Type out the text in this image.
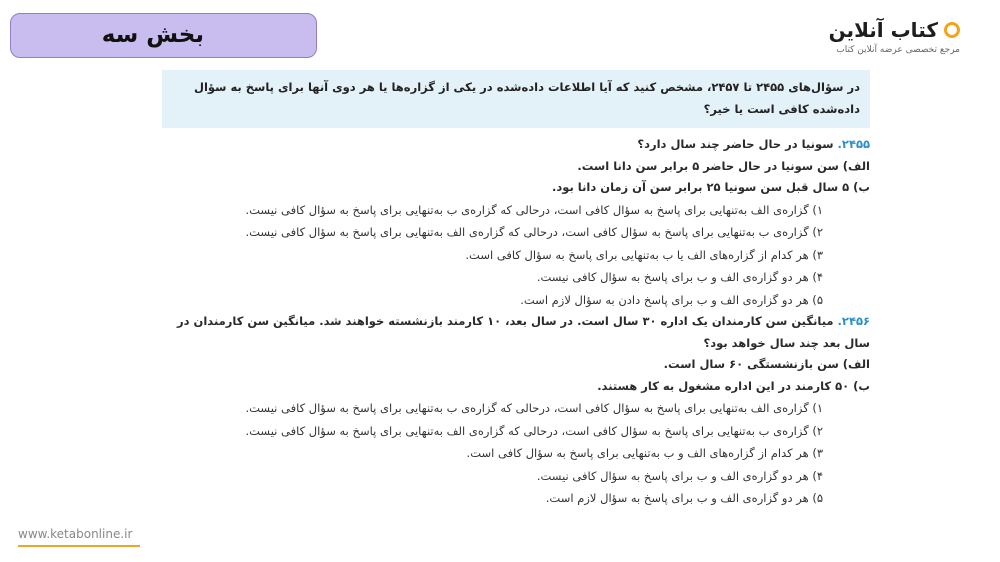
بخش سه	کتاب آنلاین
مرجع تخصصی عرضه آنلاین کتاب
در سؤال‌های ۲۴۵۵ تا ۲۴۵۷، مشخص کنید که آیا اطلاعات داده‌شده در یکی از گزاره‌ها یا هر دوی آنها برای پاسخ به سؤال داده‌شده کافی است یا خیر؟
۲۴۵۵. سونیا در حال حاضر چند سال دارد؟
الف) سن سونیا در حال حاضر ۵ برابر سن دانا است.
ب) ۵ سال قبل سن سونیا ۲۵ برابر سن آن زمان دانا بود.
۱) گزاره‌ی الف به‌تنهایی برای پاسخ به سؤال کافی است، درحالی که گزاره‌ی ب به‌تنهایی برای پاسخ به سؤال کافی نیست.
۲) گزاره‌ی ب به‌تنهایی برای پاسخ به سؤال کافی است، درحالی که گزاره‌ی الف به‌تنهایی برای پاسخ به سؤال کافی نیست.
۳) هر کدام از گزاره‌های الف یا ب به‌تنهایی برای پاسخ به سؤال کافی است.
۴) هر دو گزاره‌ی الف و ب برای پاسخ به سؤال کافی نیست.
۵) هر دو گزاره‌ی الف و ب برای پاسخ دادن به سؤال لازم است.
۲۴۵۶. میانگین سن کارمندان یک اداره ۳۰ سال است. در سال بعد، ۱۰ کارمند بازنشسته خواهند شد. میانگین سن کارمندان در سال بعد چند سال خواهد بود؟
الف) سن بازنشستگی ۶۰ سال است.
ب) ۵۰ کارمند در این اداره مشغول به کار هستند.
۱) گزاره‌ی الف به‌تنهایی برای پاسخ به سؤال کافی است، درحالی که گزاره‌ی ب به‌تنهایی برای پاسخ به سؤال کافی نیست.
۲) گزاره‌ی ب به‌تنهایی برای پاسخ به سؤال کافی است، درحالی که گزاره‌ی الف به‌تنهایی برای پاسخ به سؤال کافی نیست.
۳) هر کدام از گزاره‌های الف و ب به‌تنهایی برای پاسخ به سؤال کافی است.
۴) هر دو گزاره‌ی الف و ب برای پاسخ به سؤال کافی نیست.
۵) هر دو گزاره‌ی الف و ب برای پاسخ به سؤال لازم است.
www.ketabonline.ir
